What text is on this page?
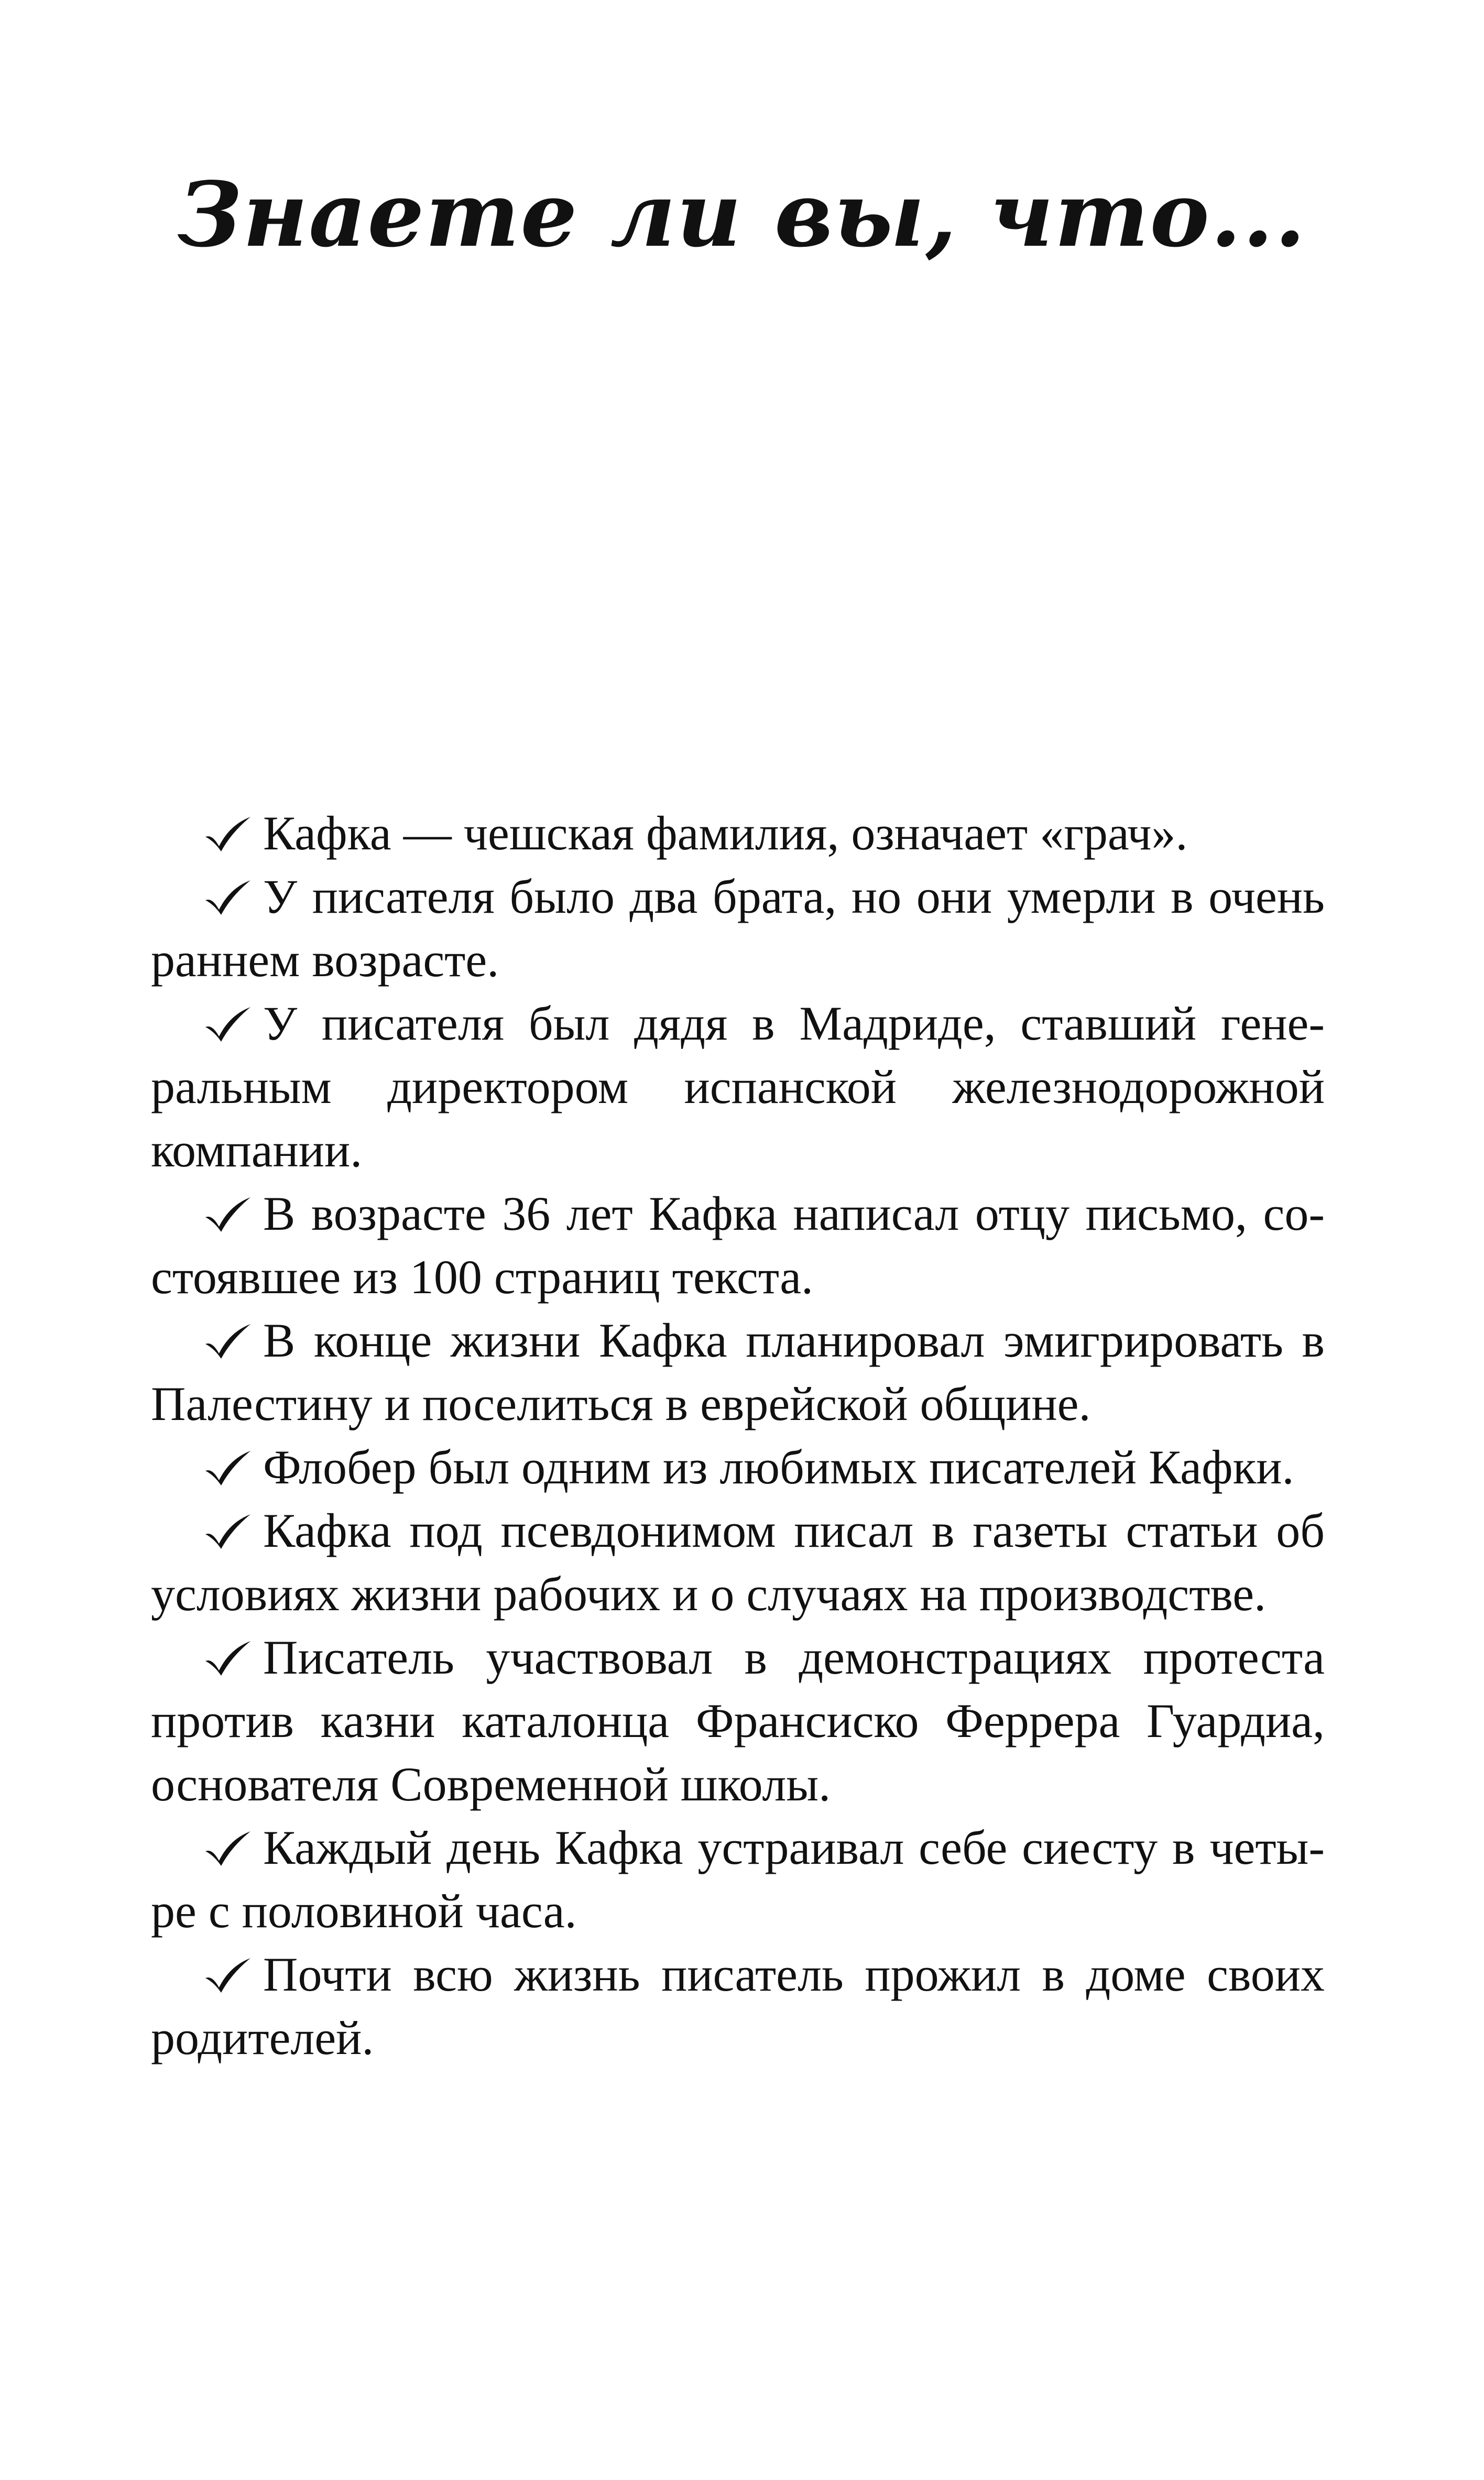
Знаете ли вы, что...

Кафка — чешская фамилия, означает «грач».

У писателя было два брата, но они умерли в очень раннем возрасте.

У писателя был дядя в Мадриде, ставший генеральным директором испанской железнодорожной компании.

В возрасте 36 лет Кафка написал отцу письмо, состоявшее из 100 страниц текста.

В конце жизни Кафка планировал эмигрировать в Палестину и поселиться в еврейской общине.

Флобер был одним из любимых писателей Кафки.

Кафка под псевдонимом писал в газеты статьи об условиях жизни рабочих и о случаях на производстве.

Писатель участвовал в демонстрациях протеста против казни каталонца Франсиско Феррера Гуардиа, основателя Современной школы.

Каждый день Кафка устраивал себе сиесту в четыре с половиной часа.

Почти всю жизнь писатель прожил в доме своих родителей.
